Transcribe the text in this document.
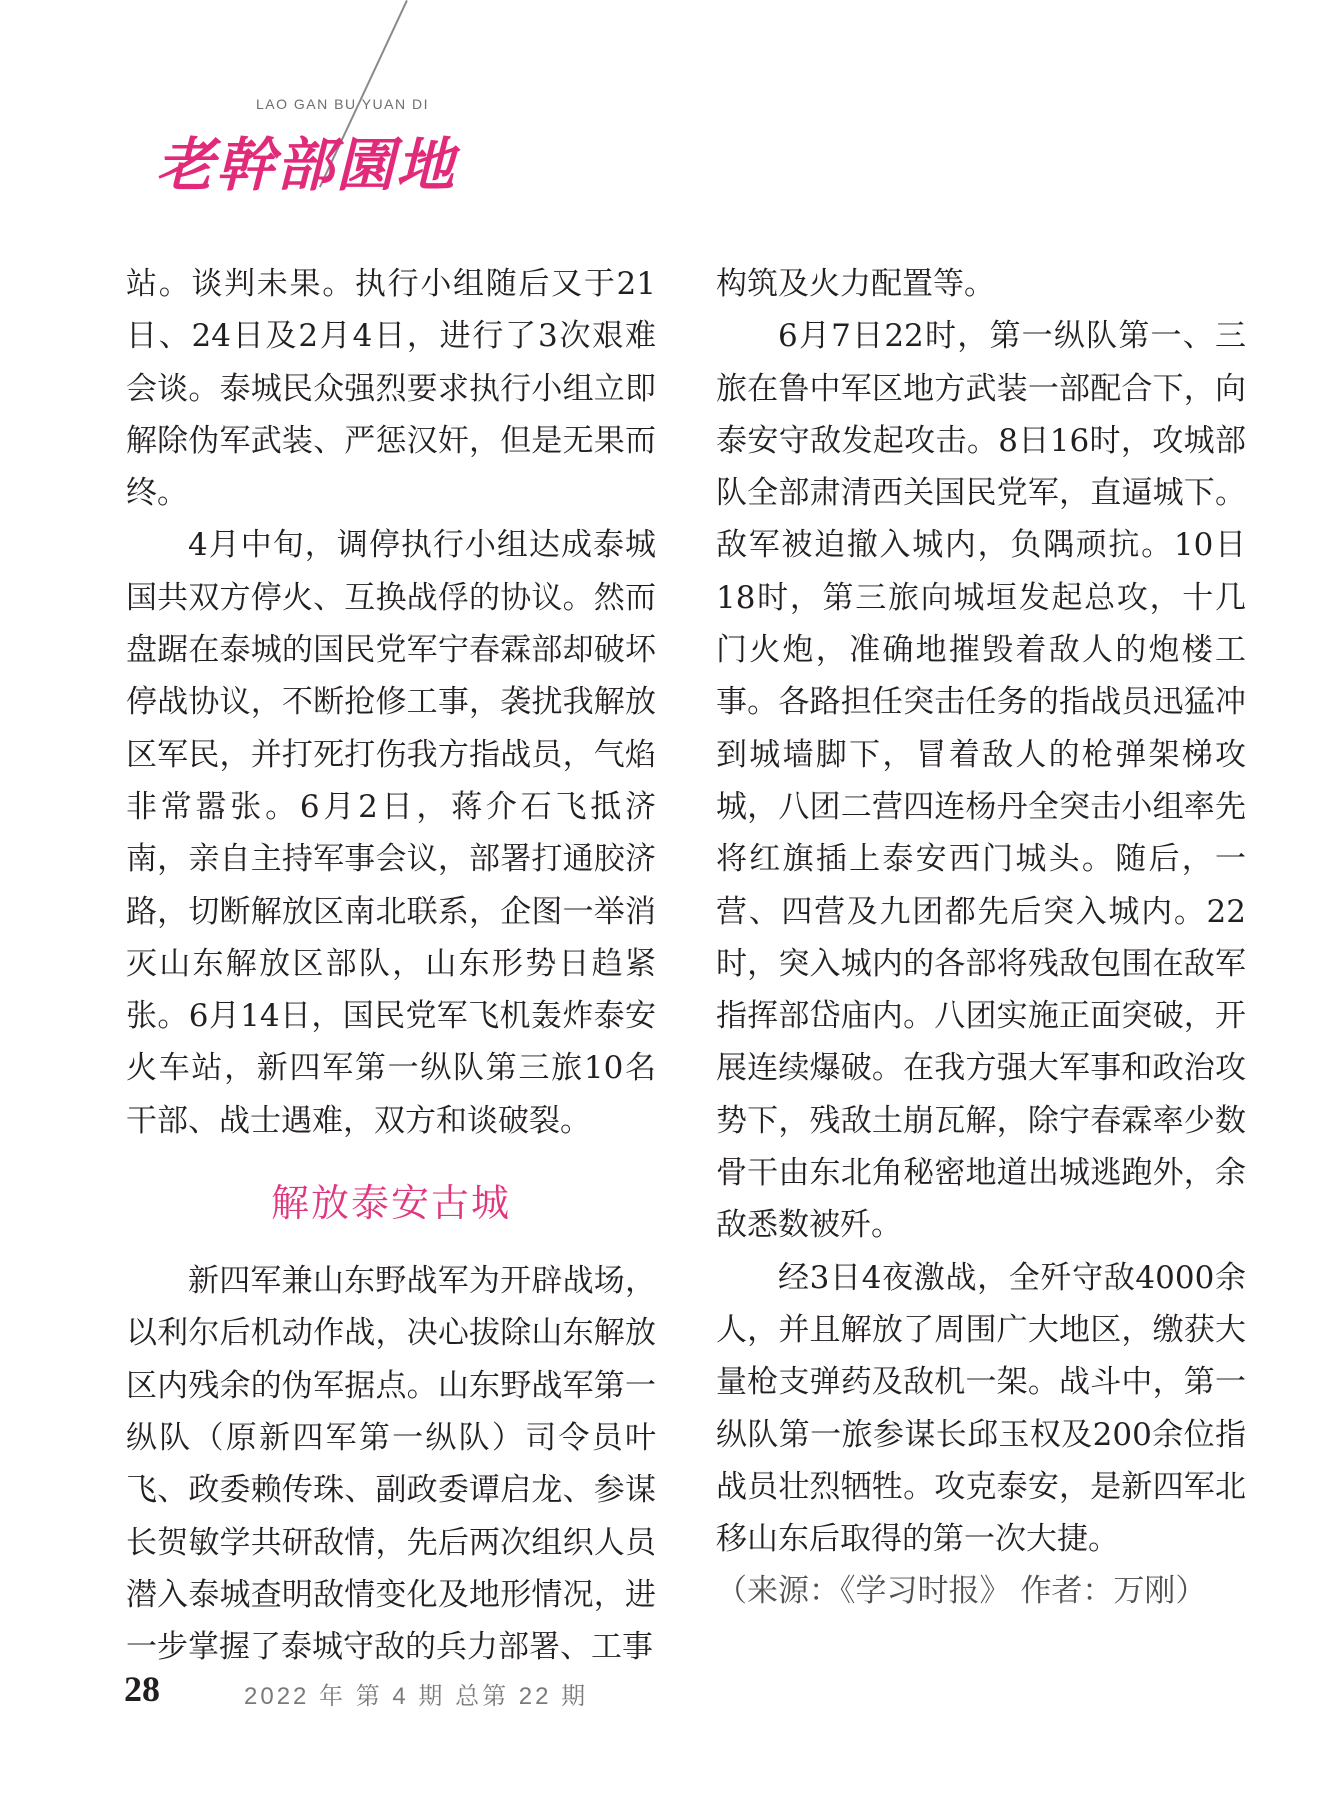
LAO GAN BU YUAN DI
老幹部園地

站。谈判未果。执行小组随后又于21日、24日及2月4日，进行了3次艰难会谈。泰城民众强烈要求执行小组立即解除伪军武装、严惩汉奸，但是无果而终。

4月中旬，调停执行小组达成泰城国共双方停火、互换战俘的协议。然而盘踞在泰城的国民党军宁春霖部却破坏停战协议，不断抢修工事，袭扰我解放区军民，并打死打伤我方指战员，气焰非常嚣张。6月2日，蒋介石飞抵济南，亲自主持军事会议，部署打通胶济路，切断解放区南北联系，企图一举消灭山东解放区部队，山东形势日趋紧张。6月14日，国民党军飞机轰炸泰安火车站，新四军第一纵队第三旅10名干部、战士遇难，双方和谈破裂。

解放泰安古城

新四军兼山东野战军为开辟战场，以利尔后机动作战，决心拔除山东解放区内残余的伪军据点。山东野战军第一纵队（原新四军第一纵队）司令员叶飞、政委赖传珠、副政委谭启龙、参谋长贺敏学共研敌情，先后两次组织人员潜入泰城查明敌情变化及地形情况，进一步掌握了泰城守敌的兵力部署、工事

构筑及火力配置等。

6月7日22时，第一纵队第一、三旅在鲁中军区地方武装一部配合下，向泰安守敌发起攻击。8日16时，攻城部队全部肃清西关国民党军，直逼城下。敌军被迫撤入城内，负隅顽抗。10日18时，第三旅向城垣发起总攻，十几门火炮，准确地摧毁着敌人的炮楼工事。各路担任突击任务的指战员迅猛冲到城墙脚下，冒着敌人的枪弹架梯攻城，八团二营四连杨丹全突击小组率先将红旗插上泰安西门城头。随后，一营、四营及九团都先后突入城内。22时，突入城内的各部将残敌包围在敌军指挥部岱庙内。八团实施正面突破，开展连续爆破。在我方强大军事和政治攻势下，残敌土崩瓦解，除宁春霖率少数骨干由东北角秘密地道出城逃跑外，余敌悉数被歼。

经3日4夜激战，全歼守敌4000余人，并且解放了周围广大地区，缴获大量枪支弹药及敌机一架。战斗中，第一纵队第一旅参谋长邱玉权及200余位指战员壮烈牺牲。攻克泰安，是新四军北移山东后取得的第一次大捷。

（来源：《学习时报》 作者：万刚）

28	2022 年 第 4 期 总第 22 期
